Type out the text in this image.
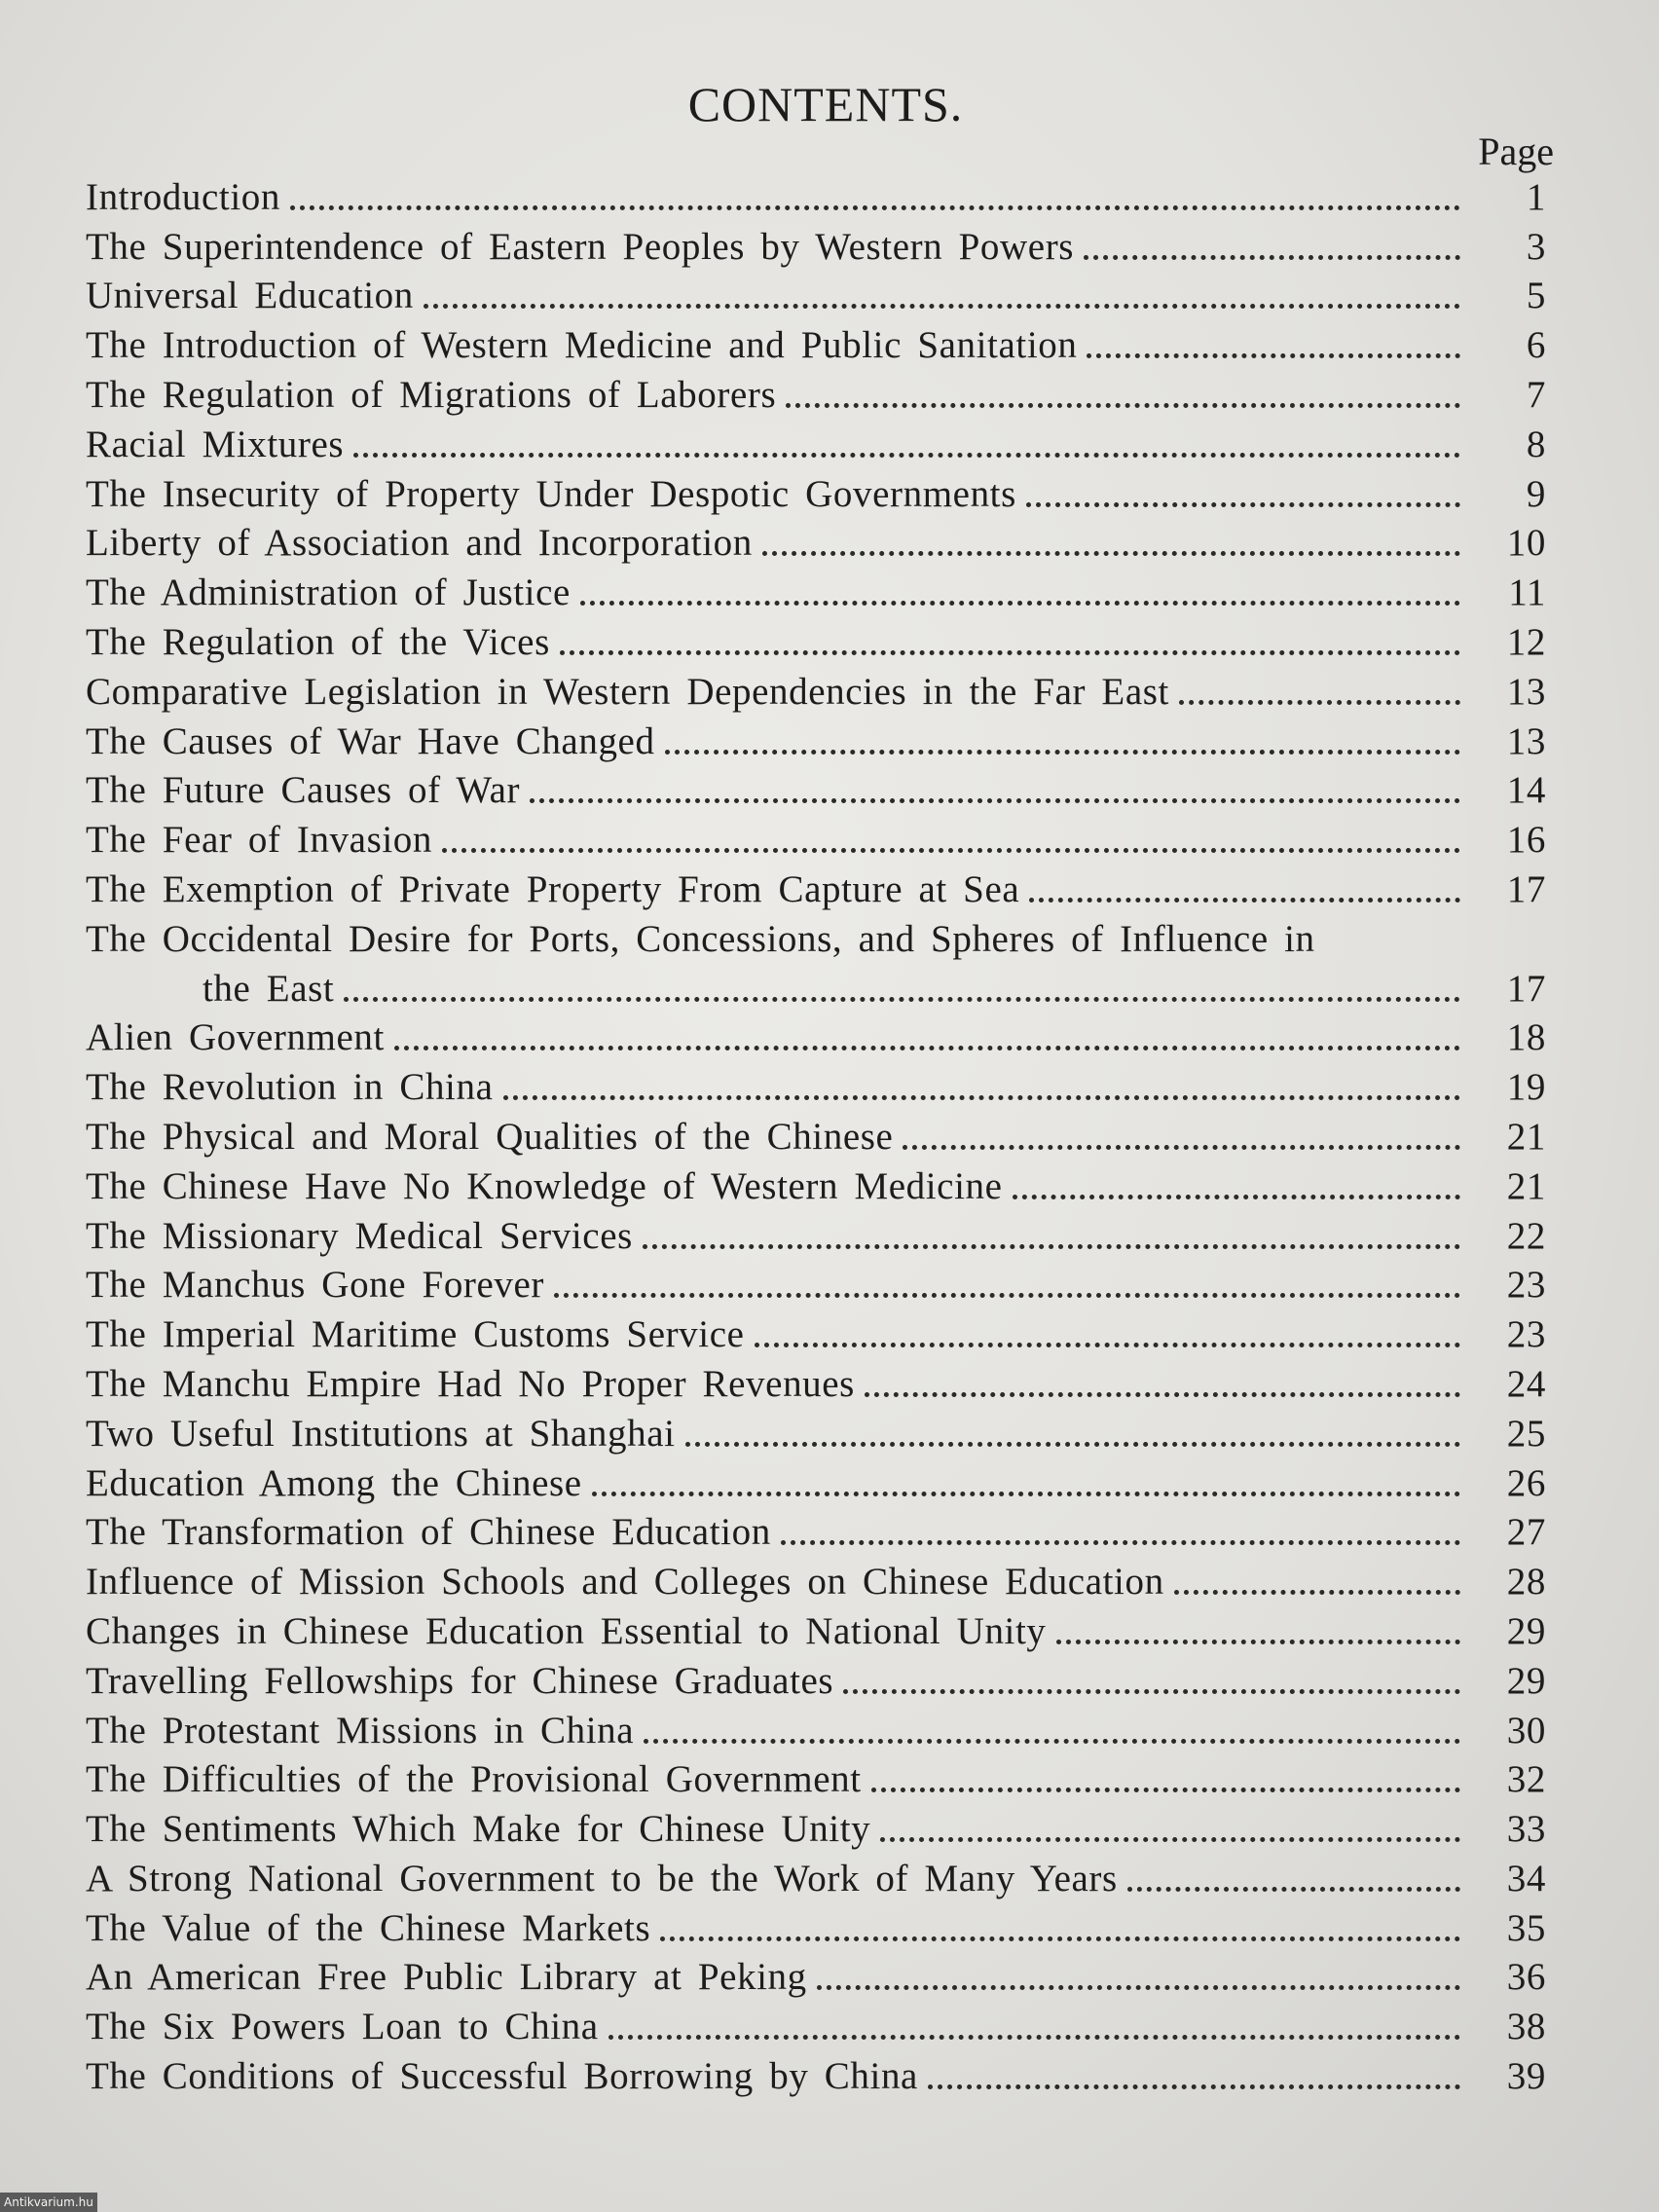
CONTENTS.
Page
Introduction	1
The Superintendence of Eastern Peoples by Western Powers	3
Universal Education	5
The Introduction of Western Medicine and Public Sanitation	6
The Regulation of Migrations of Laborers	7
Racial Mixtures	8
The Insecurity of Property Under Despotic Governments	9
Liberty of Association and Incorporation	10
The Administration of Justice	11
The Regulation of the Vices	12
Comparative Legislation in Western Dependencies in the Far East	13
The Causes of War Have Changed	13
The Future Causes of War	14
The Fear of Invasion	16
The Exemption of Private Property From Capture at Sea	17
The Occidental Desire for Ports, Concessions, and Spheres of Influence in
the East	17
Alien Government	18
The Revolution in China	19
The Physical and Moral Qualities of the Chinese	21
The Chinese Have No Knowledge of Western Medicine	21
The Missionary Medical Services	22
The Manchus Gone Forever	23
The Imperial Maritime Customs Service	23
The Manchu Empire Had No Proper Revenues	24
Two Useful Institutions at Shanghai	25
Education Among the Chinese	26
The Transformation of Chinese Education	27
Influence of Mission Schools and Colleges on Chinese Education	28
Changes in Chinese Education Essential to National Unity	29
Travelling Fellowships for Chinese Graduates	29
The Protestant Missions in China	30
The Difficulties of the Provisional Government	32
The Sentiments Which Make for Chinese Unity	33
A Strong National Government to be the Work of Many Years	34
The Value of the Chinese Markets	35
An American Free Public Library at Peking	36
The Six Powers Loan to China	38
The Conditions of Successful Borrowing by China	39
Antikvarium.hu
